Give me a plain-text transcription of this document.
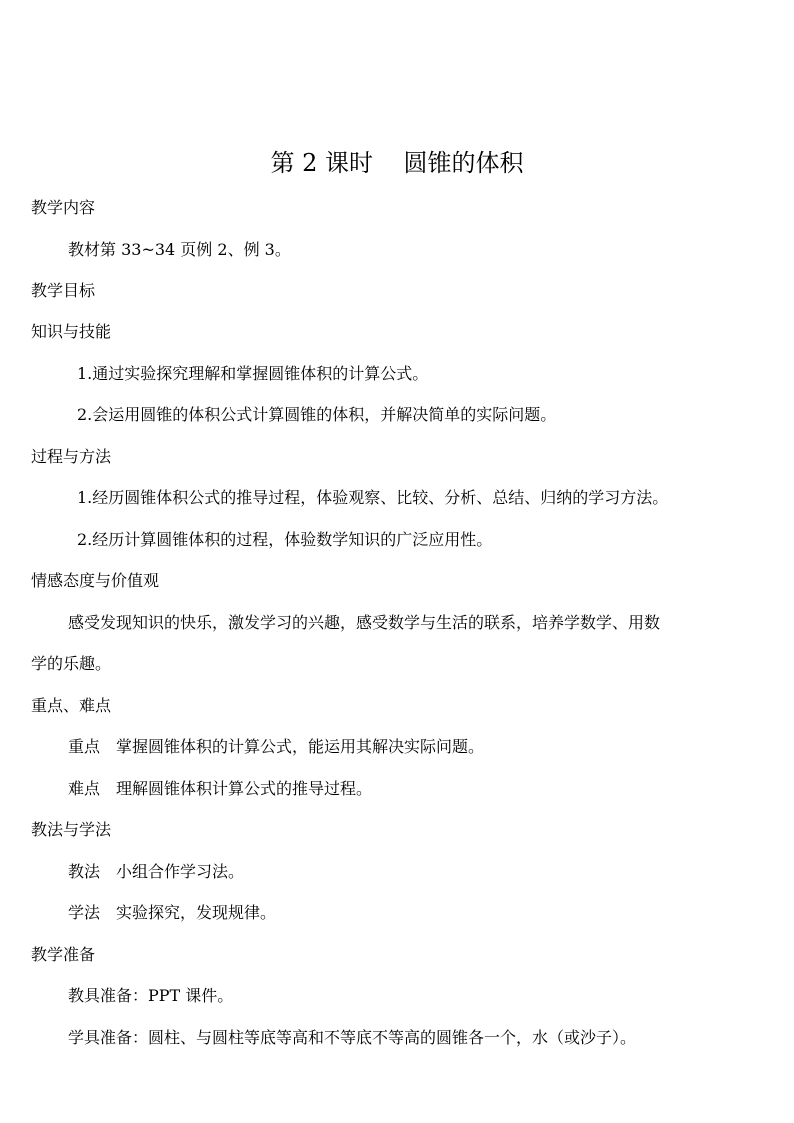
第 2 课时    圆锥的体积
教学内容
教材第 33~34 页例 2、例 3。
教学目标
知识与技能
1.通过实验探究理解和掌握圆锥体积的计算公式。
2.会运用圆锥的体积公式计算圆锥的体积，并解决简单的实际问题。
过程与方法
1.经历圆锥体积公式的推导过程，体验观察、比较、分析、总结、归纳的学习方法。
2.经历计算圆锥体积的过程，体验数学知识的广泛应用性。
情感态度与价值观
感受发现知识的快乐，激发学习的兴趣，感受数学与生活的联系，培养学数学、用数
学的乐趣。
重点、难点
重点 掌握圆锥体积的计算公式，能运用其解决实际问题。
难点 理解圆锥体积计算公式的推导过程。
教法与学法
教法 小组合作学习法。
学法 实验探究，发现规律。
教学准备
教具准备：PPT 课件。
学具准备：圆柱、与圆柱等底等高和不等底不等高的圆锥各一个，水（或沙子）。
